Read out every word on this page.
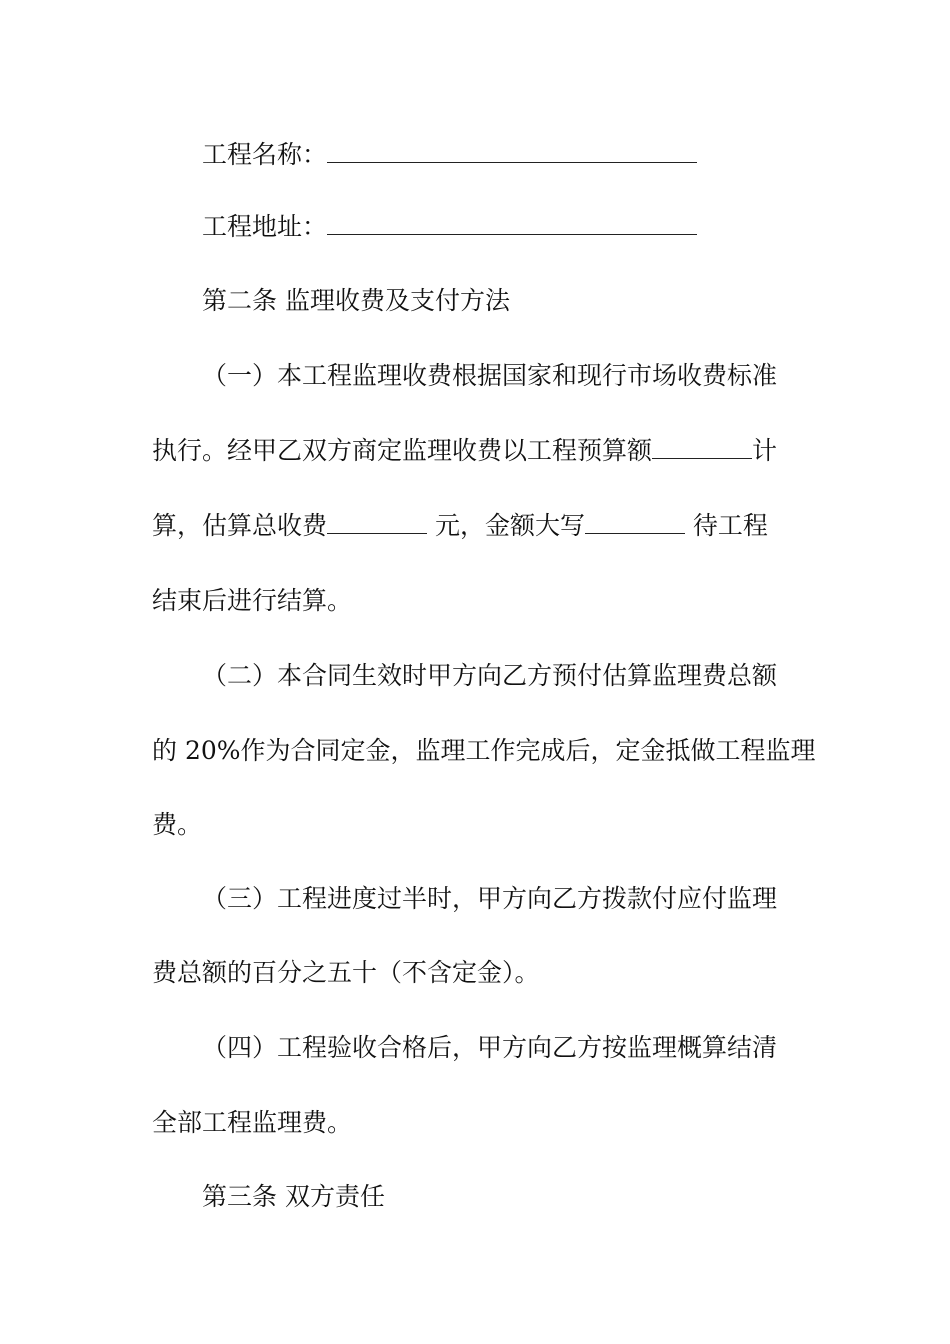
工程名称：
工程地址：
第二条 监理收费及支付方法
（一）本工程监理收费根据国家和现行市场收费标准
执行。经甲乙双方商定监理收费以工程预算额	计
算，估算总收费	元，金额大写	待工程
结束后进行结算。
（二）本合同生效时甲方向乙方预付估算监理费总额
的 20%作为合同定金，监理工作完成后，定金抵做工程监理
费。
（三）工程进度过半时，甲方向乙方拨款付应付监理
费总额的百分之五十（不含定金）。
（四）工程验收合格后，甲方向乙方按监理概算结清
全部工程监理费。
第三条 双方责任
